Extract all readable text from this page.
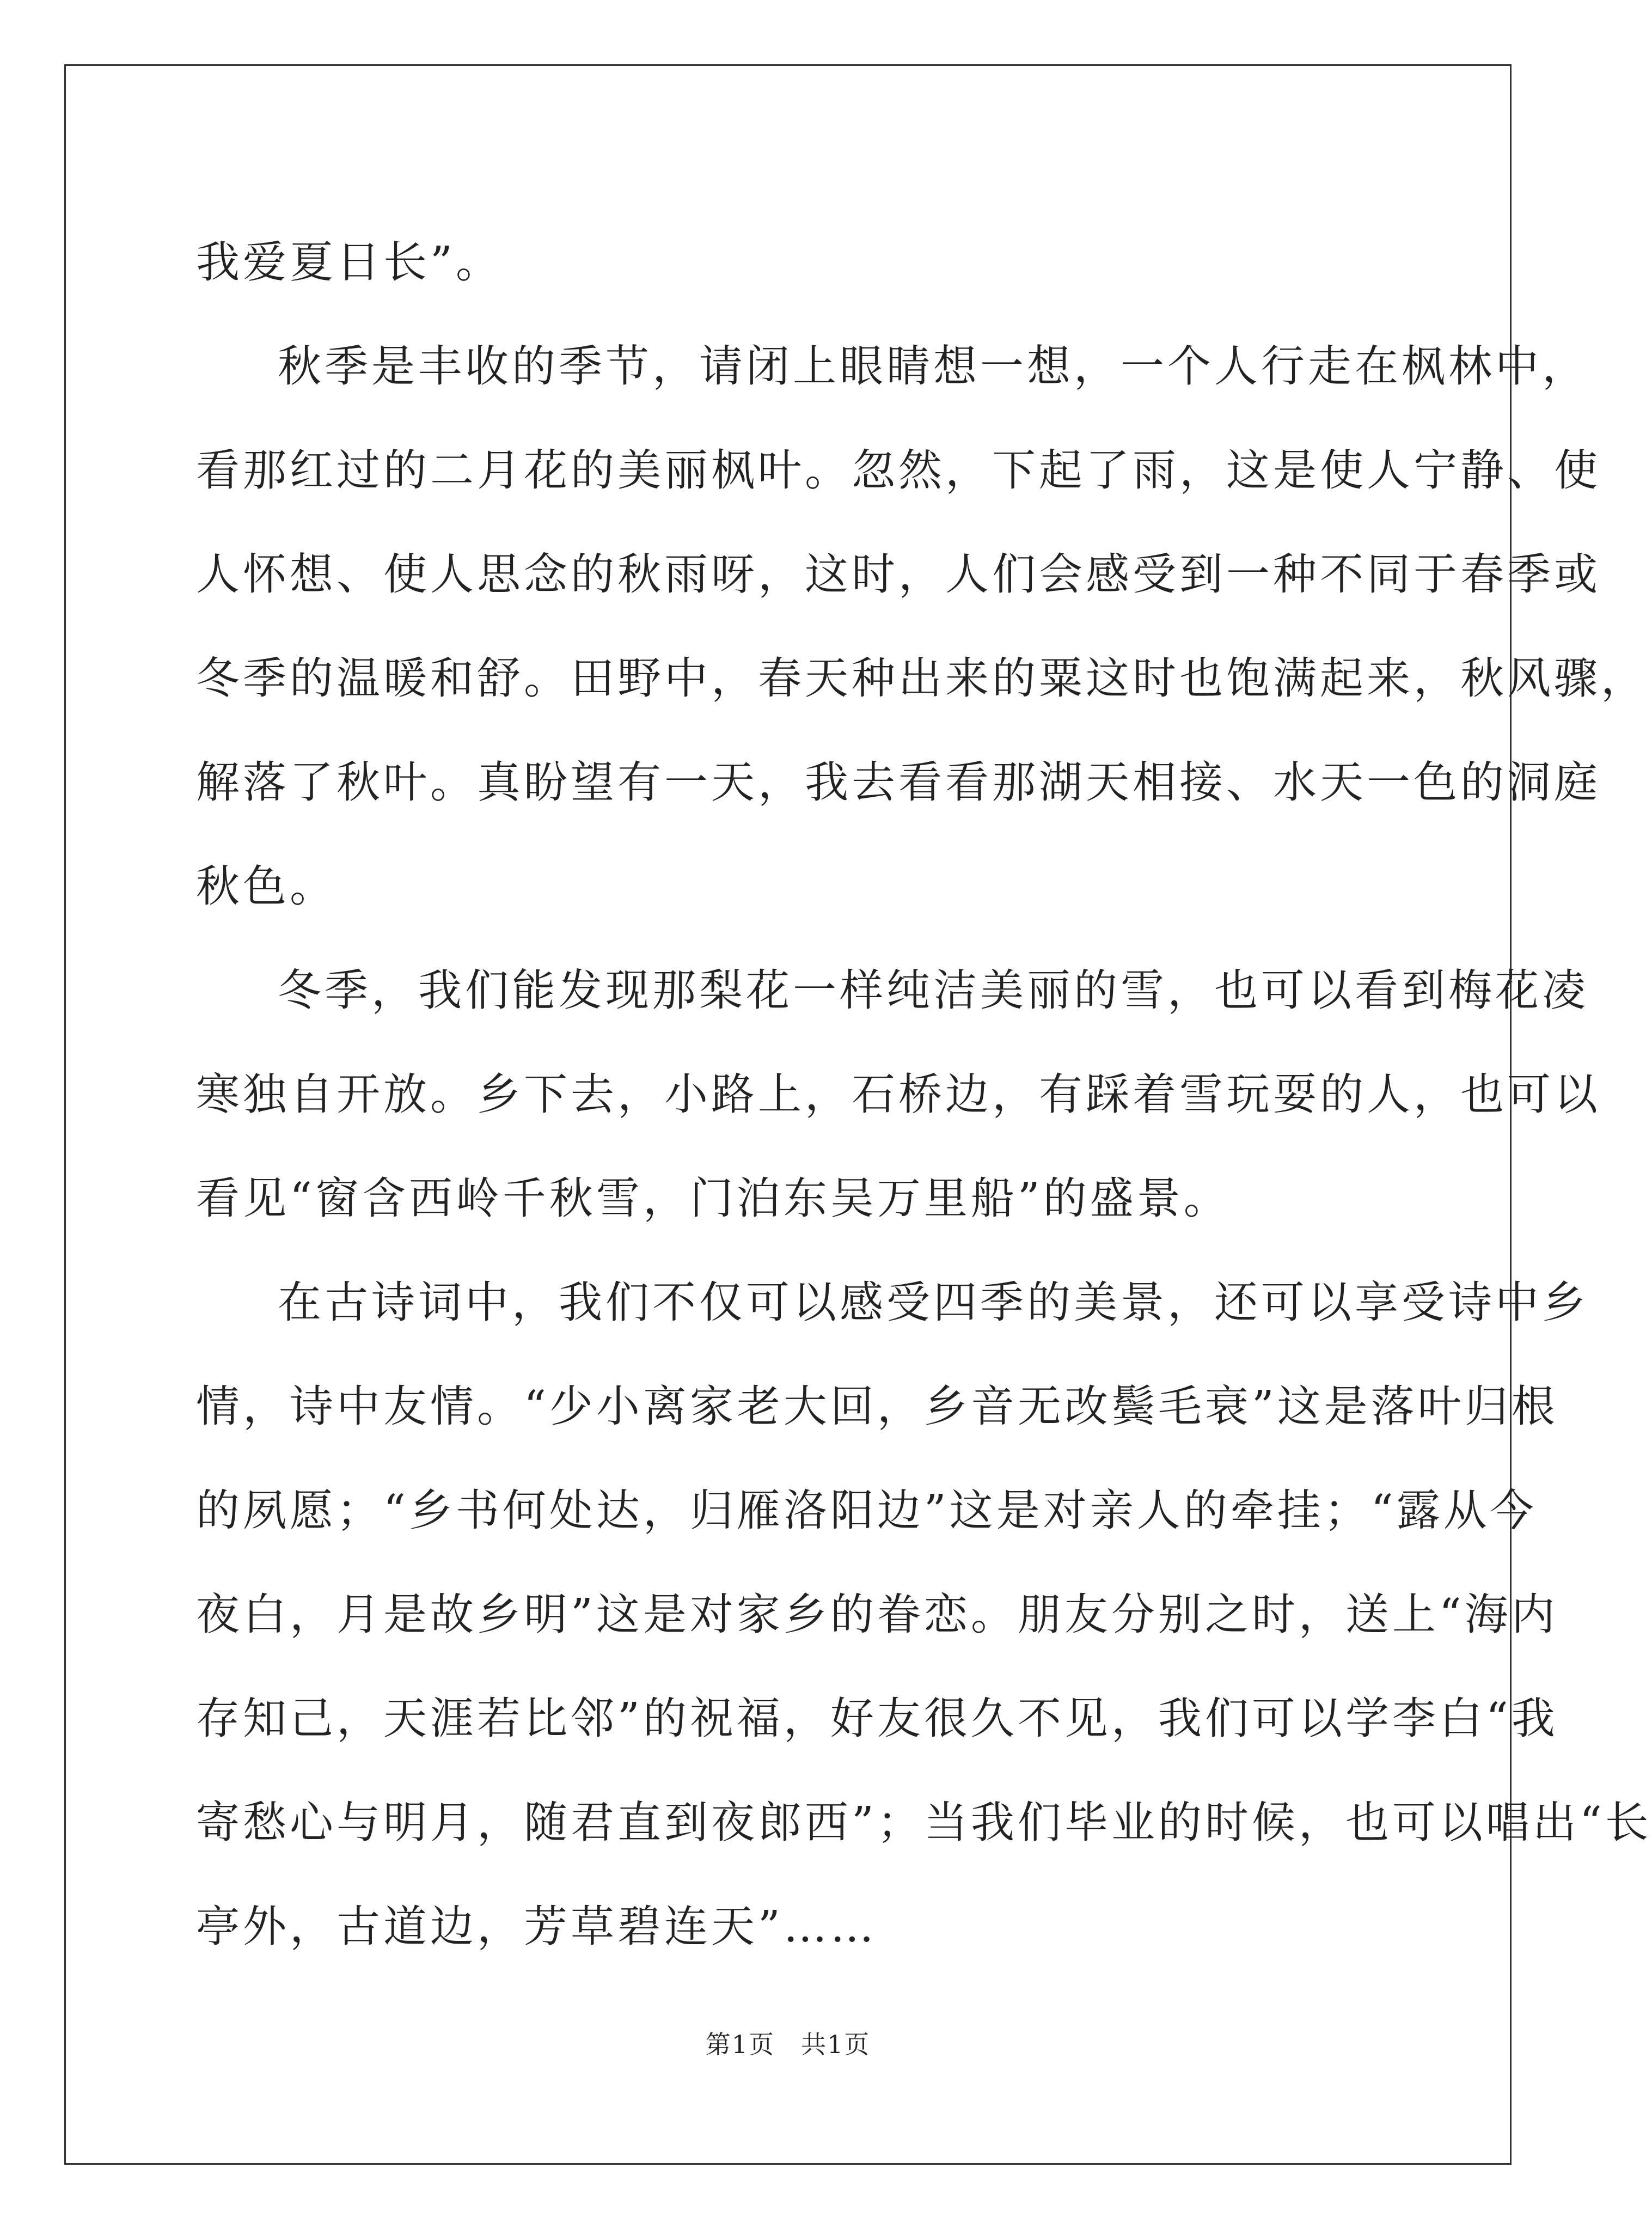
我爱夏日长”。
秋季是丰收的季节，请闭上眼睛想一想，一个人行走在枫林中，
看那红过的二月花的美丽枫叶。忽然，下起了雨，这是使人宁静、使
人怀想、使人思念的秋雨呀，这时，人们会感受到一种不同于春季或
冬季的温暖和舒。田野中，春天种出来的粟这时也饱满起来，秋风骤，
解落了秋叶。真盼望有一天，我去看看那湖天相接、水天一色的洞庭
秋色。
冬季，我们能发现那梨花一样纯洁美丽的雪，也可以看到梅花凌
寒独自开放。乡下去，小路上，石桥边，有踩着雪玩耍的人，也可以
看见“窗含西岭千秋雪，门泊东吴万里船”的盛景。
在古诗词中，我们不仅可以感受四季的美景，还可以享受诗中乡
情，诗中友情。“少小离家老大回，乡音无改鬓毛衰”这是落叶归根
的夙愿；“乡书何处达，归雁洛阳边”这是对亲人的牵挂；“露从今
夜白，月是故乡明”这是对家乡的眷恋。朋友分别之时，送上“海内
存知己，天涯若比邻”的祝福，好友很久不见，我们可以学李白“我
寄愁心与明月，随君直到夜郎西”；当我们毕业的时候，也可以唱出“长
亭外，古道边，芳草碧连天”……
第1页　共1页
